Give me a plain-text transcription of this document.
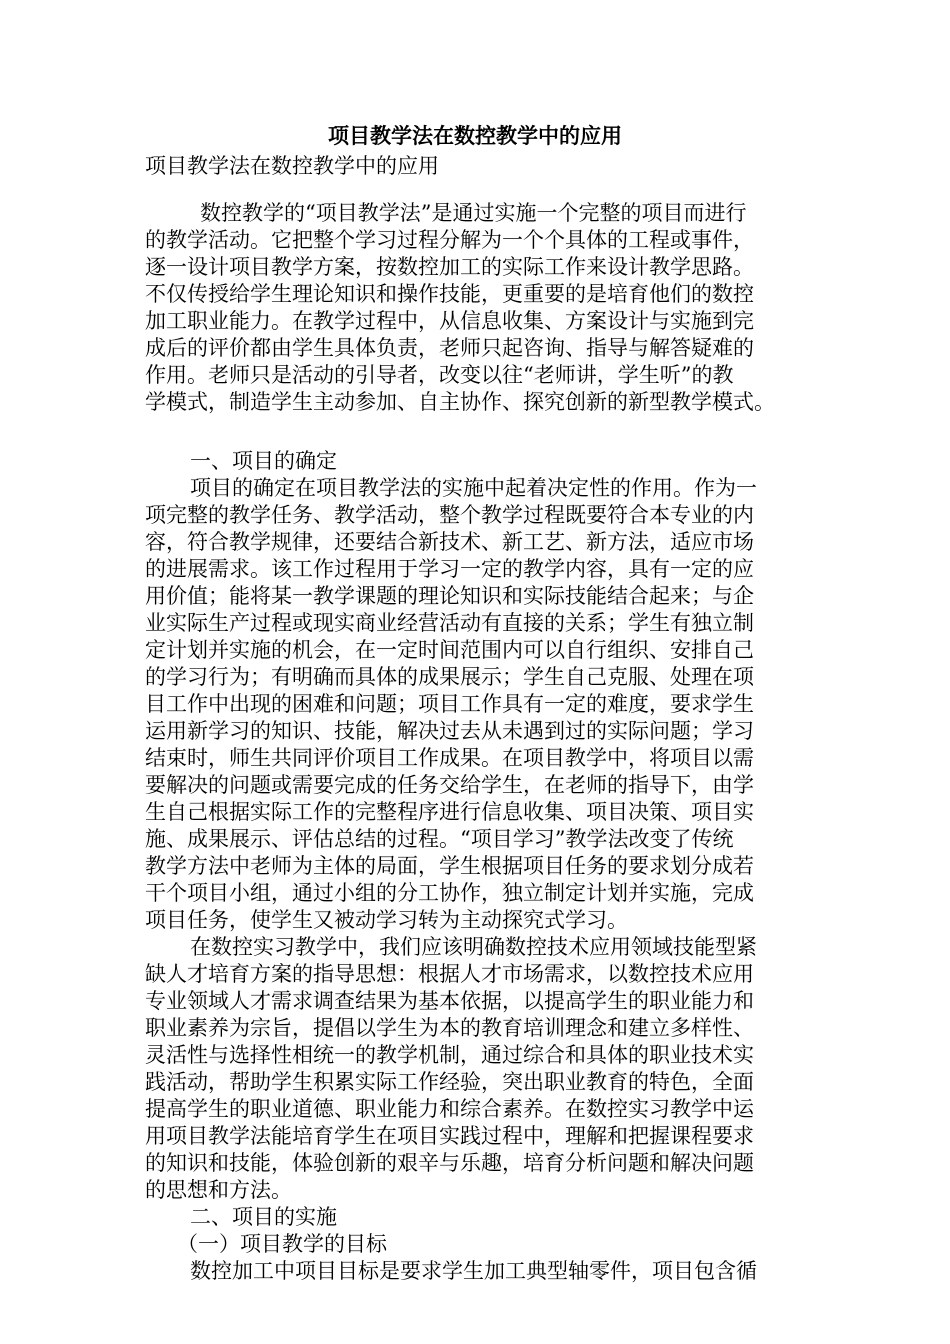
项目教学法在数控教学中的应用

项目教学法在数控教学中的应用

数控教学的“项目教学法”是通过实施一个完整的项目而进行
的教学活动。它把整个学习过程分解为一个个具体的工程或事件，
逐一设计项目教学方案，按数控加工的实际工作来设计教学思路。
不仅传授给学生理论知识和操作技能，更重要的是培育他们的数控
加工职业能力。在教学过程中，从信息收集、方案设计与实施到完
成后的评价都由学生具体负责，老师只起咨询、指导与解答疑难的
作用。老师只是活动的引导者，改变以往“老师讲，学生听”的教
学模式，制造学生主动参加、自主协作、探究创新的新型教学模式。
一、项目的确定
项目的确定在项目教学法的实施中起着决定性的作用。作为一
项完整的教学任务、教学活动，整个教学过程既要符合本专业的内
容，符合教学规律，还要结合新技术、新工艺、新方法，适应市场
的进展需求。该工作过程用于学习一定的教学内容，具有一定的应
用价值；能将某一教学课题的理论知识和实际技能结合起来；与企
业实际生产过程或现实商业经营活动有直接的关系；学生有独立制
定计划并实施的机会，在一定时间范围内可以自行组织、安排自己
的学习行为；有明确而具体的成果展示；学生自己克服、处理在项
目工作中出现的困难和问题；项目工作具有一定的难度，要求学生
运用新学习的知识、技能，解决过去从未遇到过的实际问题；学习
结束时，师生共同评价项目工作成果。在项目教学中，将项目以需
要解决的问题或需要完成的任务交给学生，在老师的指导下，由学
生自己根据实际工作的完整程序进行信息收集、项目决策、项目实
施、成果展示、评估总结的过程。“项目学习”教学法改变了传统
教学方法中老师为主体的局面，学生根据项目任务的要求划分成若
干个项目小组，通过小组的分工协作，独立制定计划并实施，完成
项目任务，使学生又被动学习转为主动探究式学习。
在数控实习教学中，我们应该明确数控技术应用领域技能型紧
缺人才培育方案的指导思想：根据人才市场需求，以数控技术应用
专业领域人才需求调查结果为基本依据，以提高学生的职业能力和
职业素养为宗旨，提倡以学生为本的教育培训理念和建立多样性、
灵活性与选择性相统一的教学机制，通过综合和具体的职业技术实
践活动，帮助学生积累实际工作经验，突出职业教育的特色，全面
提高学生的职业道德、职业能力和综合素养。在数控实习教学中运
用项目教学法能培育学生在项目实践过程中，理解和把握课程要求
的知识和技能，体验创新的艰辛与乐趣，培育分析问题和解决问题
的思想和方法。
二、项目的实施
（一）项目教学的目标
数控加工中项目目标是要求学生加工典型轴零件，项目包含循
